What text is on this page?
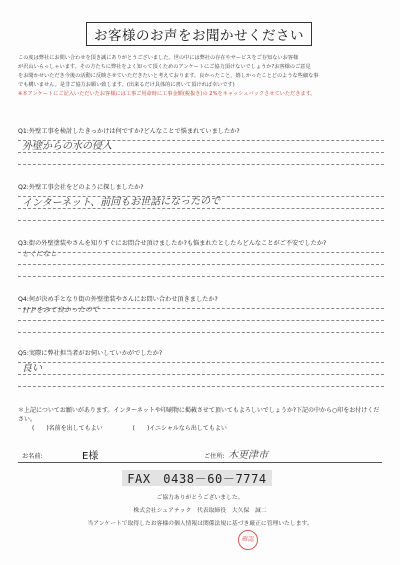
お客様のお声をお聞かせください

この度は弊社にお問い合わせを頂き誠にありがとうございました。世の中には弊社の存在やサービスをご存知ないお客様

が沢山いらっしゃいます。その方たちに弊社をよく知って頂くためのアンケートにご協力頂けないでしょうか?お客様のご意見

をお聞かせいただき今後の活動に反映させていただきたいと考えております。良かったこと、嬉しかったことどのような些細な事

でも構いません。是非ご協力お願い致します。(出来るだけ具体的に書いて頂ければ幸いです)

※本アンケートにご記入いただいたお客様には工事ご用命時に工事金額(税抜き)の 2%をキャッシュバックさせていただきます。

Q1:外壁工事を検討したきっかけは何ですか?どんなことで悩まれていましたか?
外壁からの水の侵入
Q2:外壁工事会社をどのように探しましたか?
インターネット、前回もお世話になったので
Q3:街の外壁塗装やさんを知りすぐにお問合せ頂けましたか?も悩まれたとしたらどんなことがご不安でしたか?
とくになし
Q4:何が決め手となり街の外壁塗装やさんにお問い合わせ頂きましたか?
ＨＰをみて良かったので
Q5:実際に弊社担当者がお伺いしていかがでしたか?
良い
＊上記についてお願いがあります。インターネットや印刷物に掲載させて頂いてもよろしいでしょうか?下記の中から○印をお付けください。
(　　)名前を出してもよい	(　　)イニシャルなら出してもよい
お名前:	E様	ご住所: 木更津市
FAX　0438－60－7774
ご協力ありがとうございました。
株式会社シェアテック　代表取締役　大久保　誠二
当アンケートで取得したお客様の個人情報は関係法規に基づき厳正に管理いたします。
確認
